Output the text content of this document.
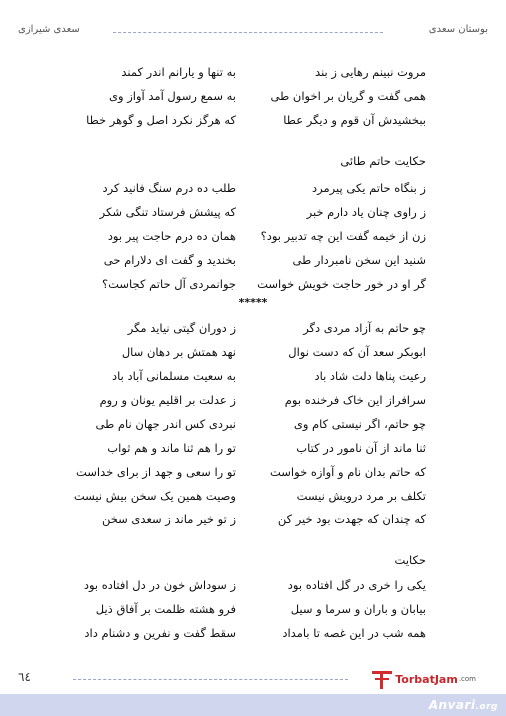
بوستان سعدی
سعدی شیرازی
مروت نبینم رهایی ز بند
به تنها و یارانم اندر کمند
همی گفت و گریان بر اخوان طی
به سمع رسول آمد آواز وی
ببخشیدش آن قوم و دیگر عطا
که هرگز نکرد اصل و گوهر خطا
حکایت حاتم طائی
ز بنگاه حاتم یکی پیرمرد
طلب ده درم سنگ فانید کرد
ز راوی چنان یاد دارم خبر
که پیشش فرستاد تنگی شکر
زن از خیمه گفت این چه تدبیر بود؟
همان ده درم حاجت پیر بود
شنید این سخن نامبردار طی
بخندید و گفت ای دلارام حی
گر او در خور حاجت خویش خواست
جوانمردی آل حاتم کجاست؟
*****
چو حاتم به آزاد مردی دگر
ز دوران گیتی نیاید مگر
ابوبکر سعد آن که دست نوال
نهد همتش بر دهان سال
رعیت پناها دلت شاد باد
به سعیت مسلمانی آباد باد
سرافراز این خاک فرخنده بوم
ز عدلت بر اقلیم یونان و روم
چو حاتم، اگر نیستی کام وی
نبردی کس اندر جهان نام طی
ثنا ماند از آن نامور در کتاب
تو را هم ثنا ماند و هم ثواب
که حاتم بدان نام و آوازه خواست
تو را سعی و جهد از برای خداست
تکلف بر مرد درویش نیست
وصیت همین یک سخن بیش نیست
که چندان که جهدت بود خیر کن
ز تو خیر ماند ز سعدی سخن
حکایت
یکی را خری در گل افتاده بود
ز سوداش خون در دل افتاده بود
بیابان و باران و سرما و سیل
فرو هشته ظلمت بر آفاق ذیل
همه شب در این غصه تا بامداد
سقط گفت و نفرین و دشنام داد
٦٤	TorbatJam .com
Anvari.org
